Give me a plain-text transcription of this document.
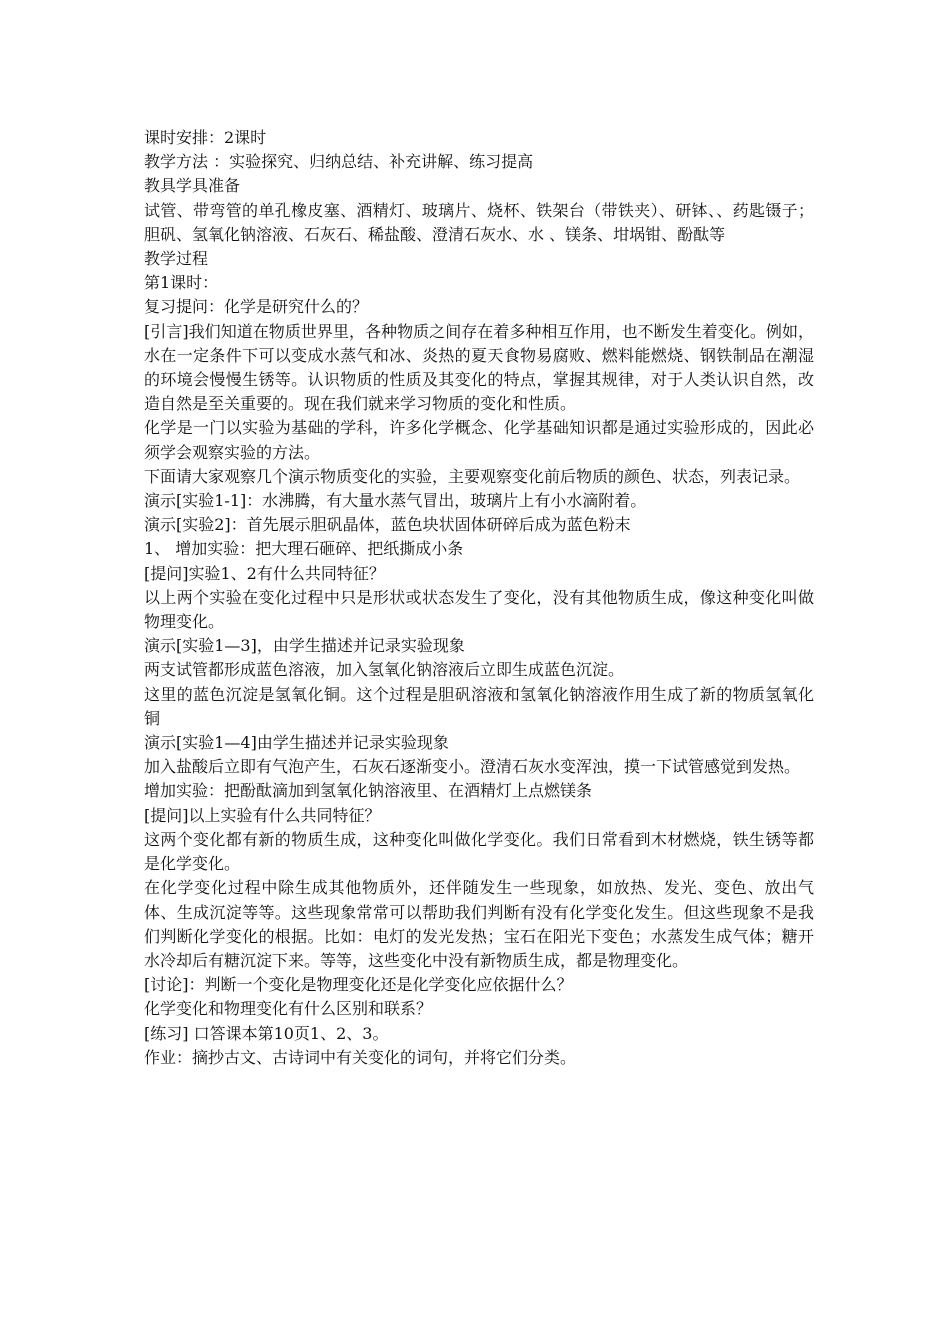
课时安排：2课时

教学方法 ：实验探究、归纳总结、补充讲解、练习提高

教具学具准备

试管、带弯管的单孔橡皮塞、酒精灯、玻璃片、烧杯、铁架台（带铁夹）、研钵、、药匙镊子；胆矾、氢氧化钠溶液、石灰石、稀盐酸、澄清石灰水、水 、镁条、坩埚钳、酚酞等

教学过程

第1课时：

复习提问：化学是研究什么的？

[引言]我们知道在物质世界里，各种物质之间存在着多种相互作用，也不断发生着变化。例如，水在一定条件下可以变成水蒸气和冰、炎热的夏天食物易腐败、燃料能燃烧、钢铁制品在潮湿的环境会慢慢生锈等。认识物质的性质及其变化的特点，掌握其规律，对于人类认识自然，改造自然是至关重要的。现在我们就来学习物质的变化和性质。

化学是一门以实验为基础的学科，许多化学概念、化学基础知识都是通过实验形成的，因此必须学会观察实验的方法。

下面请大家观察几个演示物质变化的实验，主要观察变化前后物质的颜色、状态，列表记录。

演示[实验1-1]：水沸腾，有大量水蒸气冒出，玻璃片上有小水滴附着。

演示[实验2]：首先展示胆矾晶体，蓝色块状固体研碎后成为蓝色粉末

1、 增加实验：把大理石砸碎、把纸撕成小条

[提问]实验1、2有什么共同特征？

以上两个实验在变化过程中只是形状或状态发生了变化，没有其他物质生成，像这种变化叫做物理变化。

演示[实验1—3]，由学生描述并记录实验现象

两支试管都形成蓝色溶液，加入氢氧化钠溶液后立即生成蓝色沉淀。

这里的蓝色沉淀是氢氧化铜。这个过程是胆矾溶液和氢氧化钠溶液作用生成了新的物质氢氧化铜

演示[实验1—4]由学生描述并记录实验现象

加入盐酸后立即有气泡产生，石灰石逐渐变小。澄清石灰水变浑浊，摸一下试管感觉到发热。

增加实验：把酚酞滴加到氢氧化钠溶液里、在酒精灯上点燃镁条

[提问]以上实验有什么共同特征？

这两个变化都有新的物质生成，这种变化叫做化学变化。我们日常看到木材燃烧，铁生锈等都是化学变化。

在化学变化过程中除生成其他物质外，还伴随发生一些现象，如放热、发光、变色、放出气体、生成沉淀等等。这些现象常常可以帮助我们判断有没有化学变化发生。但这些现象不是我们判断化学变化的根据。比如：电灯的发光发热；宝石在阳光下变色；水蒸发生成气体；糖开水冷却后有糖沉淀下来。等等，这些变化中没有新物质生成，都是物理变化。

[讨论]：判断一个变化是物理变化还是化学变化应依据什么？

化学变化和物理变化有什么区别和联系？

[练习] 口答课本第10页1、2、3。

作业：摘抄古文、古诗词中有关变化的词句，并将它们分类。
